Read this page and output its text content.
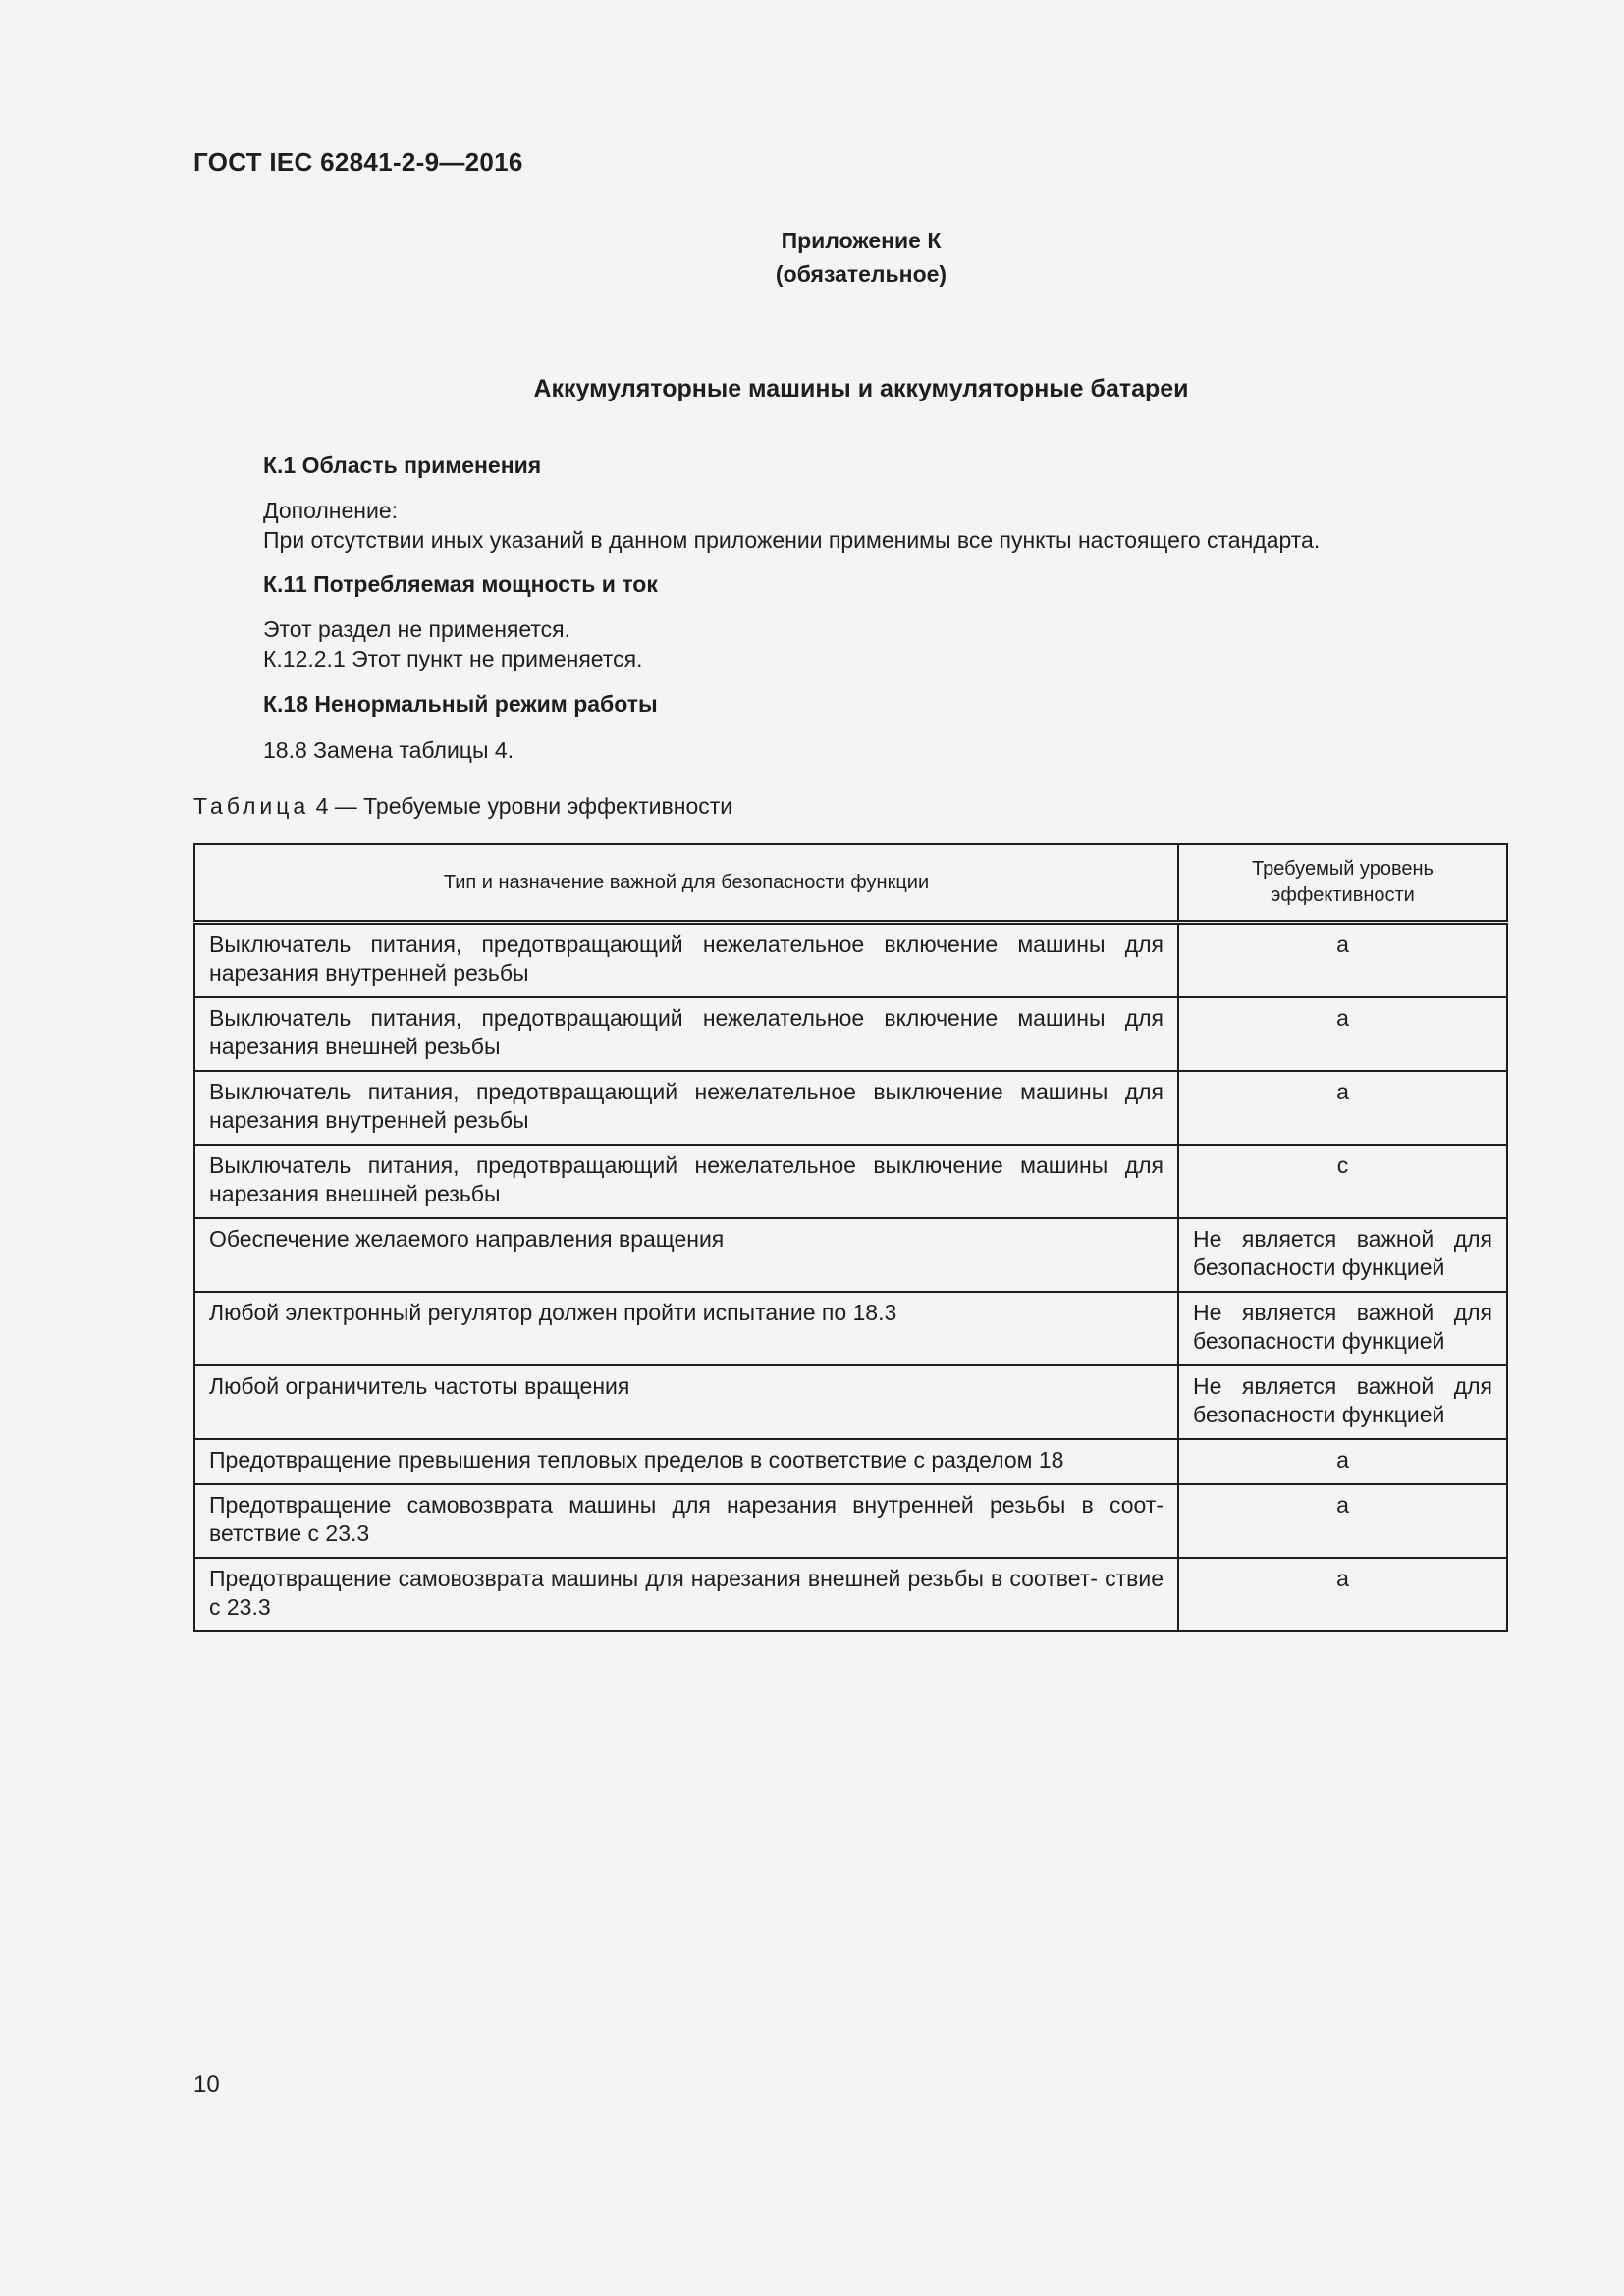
ГОСТ IEC 62841-2-9—2016
Приложение К
(обязательное)
Аккумуляторные машины и аккумуляторные батареи
К.1 Область применения
Дополнение:
При отсутствии иных указаний в данном приложении применимы все пункты настоящего стандарта.
К.11 Потребляемая мощность и ток
Этот раздел не применяется.
К.12.2.1 Этот пункт не применяется.
К.18 Ненормальный режим работы
18.8 Замена таблицы 4.
Таблица 4 — Требуемые уровни эффективности
Тип и назначение важной для безопасности функции	Требуемый уровень эффективности
Выключатель питания, предотвращающий нежелательное включение машины для нарезания внутренней резьбы	a
Выключатель питания, предотвращающий нежелательное включение машины для нарезания внешней резьбы	a
Выключатель питания, предотвращающий нежелательное выключение машины для нарезания внутренней резьбы	a
Выключатель питания, предотвращающий нежелательное выключение машины для нарезания внешней резьбы	c
Обеспечение желаемого направления вращения	Не является важной для безопасности функцией
Любой электронный регулятор должен пройти испытание по 18.3	Не является важной для безопасности функцией
Любой ограничитель частоты вращения	Не является важной для безопасности функцией
Предотвращение превышения тепловых пределов в соответствие с разделом 18	a
Предотвращение самовозврата машины для нарезания внутренней резьбы в соот- ветствие с 23.3	a
Предотвращение самовозврата машины для нарезания внешней резьбы в соответ- ствие с 23.3	a
10
